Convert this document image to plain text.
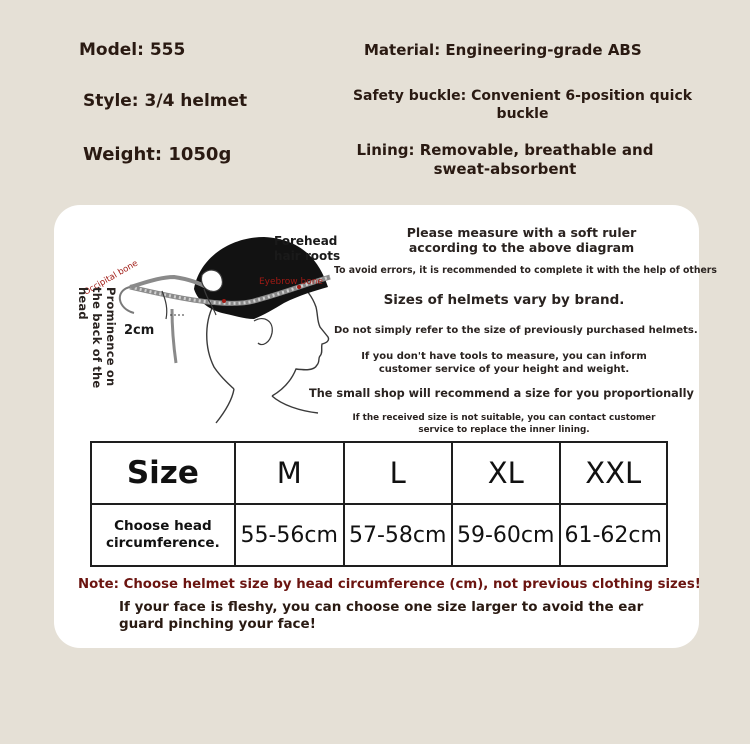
Model: 555
Style: 3/4 helmet
Weight: 1050g
Material: Engineering-grade ABS
Safety buckle: Convenient 6-position quick buckle
Lining: Removable, breathable and sweat-absorbent
Forehead hair roots
Eyebrow bone
Occipital bone
2cm
Prominence on the back of the head
Please measure with a soft ruler according to the above diagram
To avoid errors, it is recommended to complete it with the help of others
Sizes of helmets vary by brand.
Do not simply refer to the size of previously purchased helmets.
If you don't have tools to measure, you can inform customer service of your height and weight.
The small shop will recommend a size for you proportionally
If the received size is not suitable, you can contact customer service to replace the inner lining.
Size	M	L	XL	XXL
Choose head circumference.	55-56cm	57-58cm	59-60cm	61-62cm
Note: Choose helmet size by head circumference (cm), not previous clothing sizes!
If your face is fleshy, you can choose one size larger to avoid the ear guard pinching your face!
